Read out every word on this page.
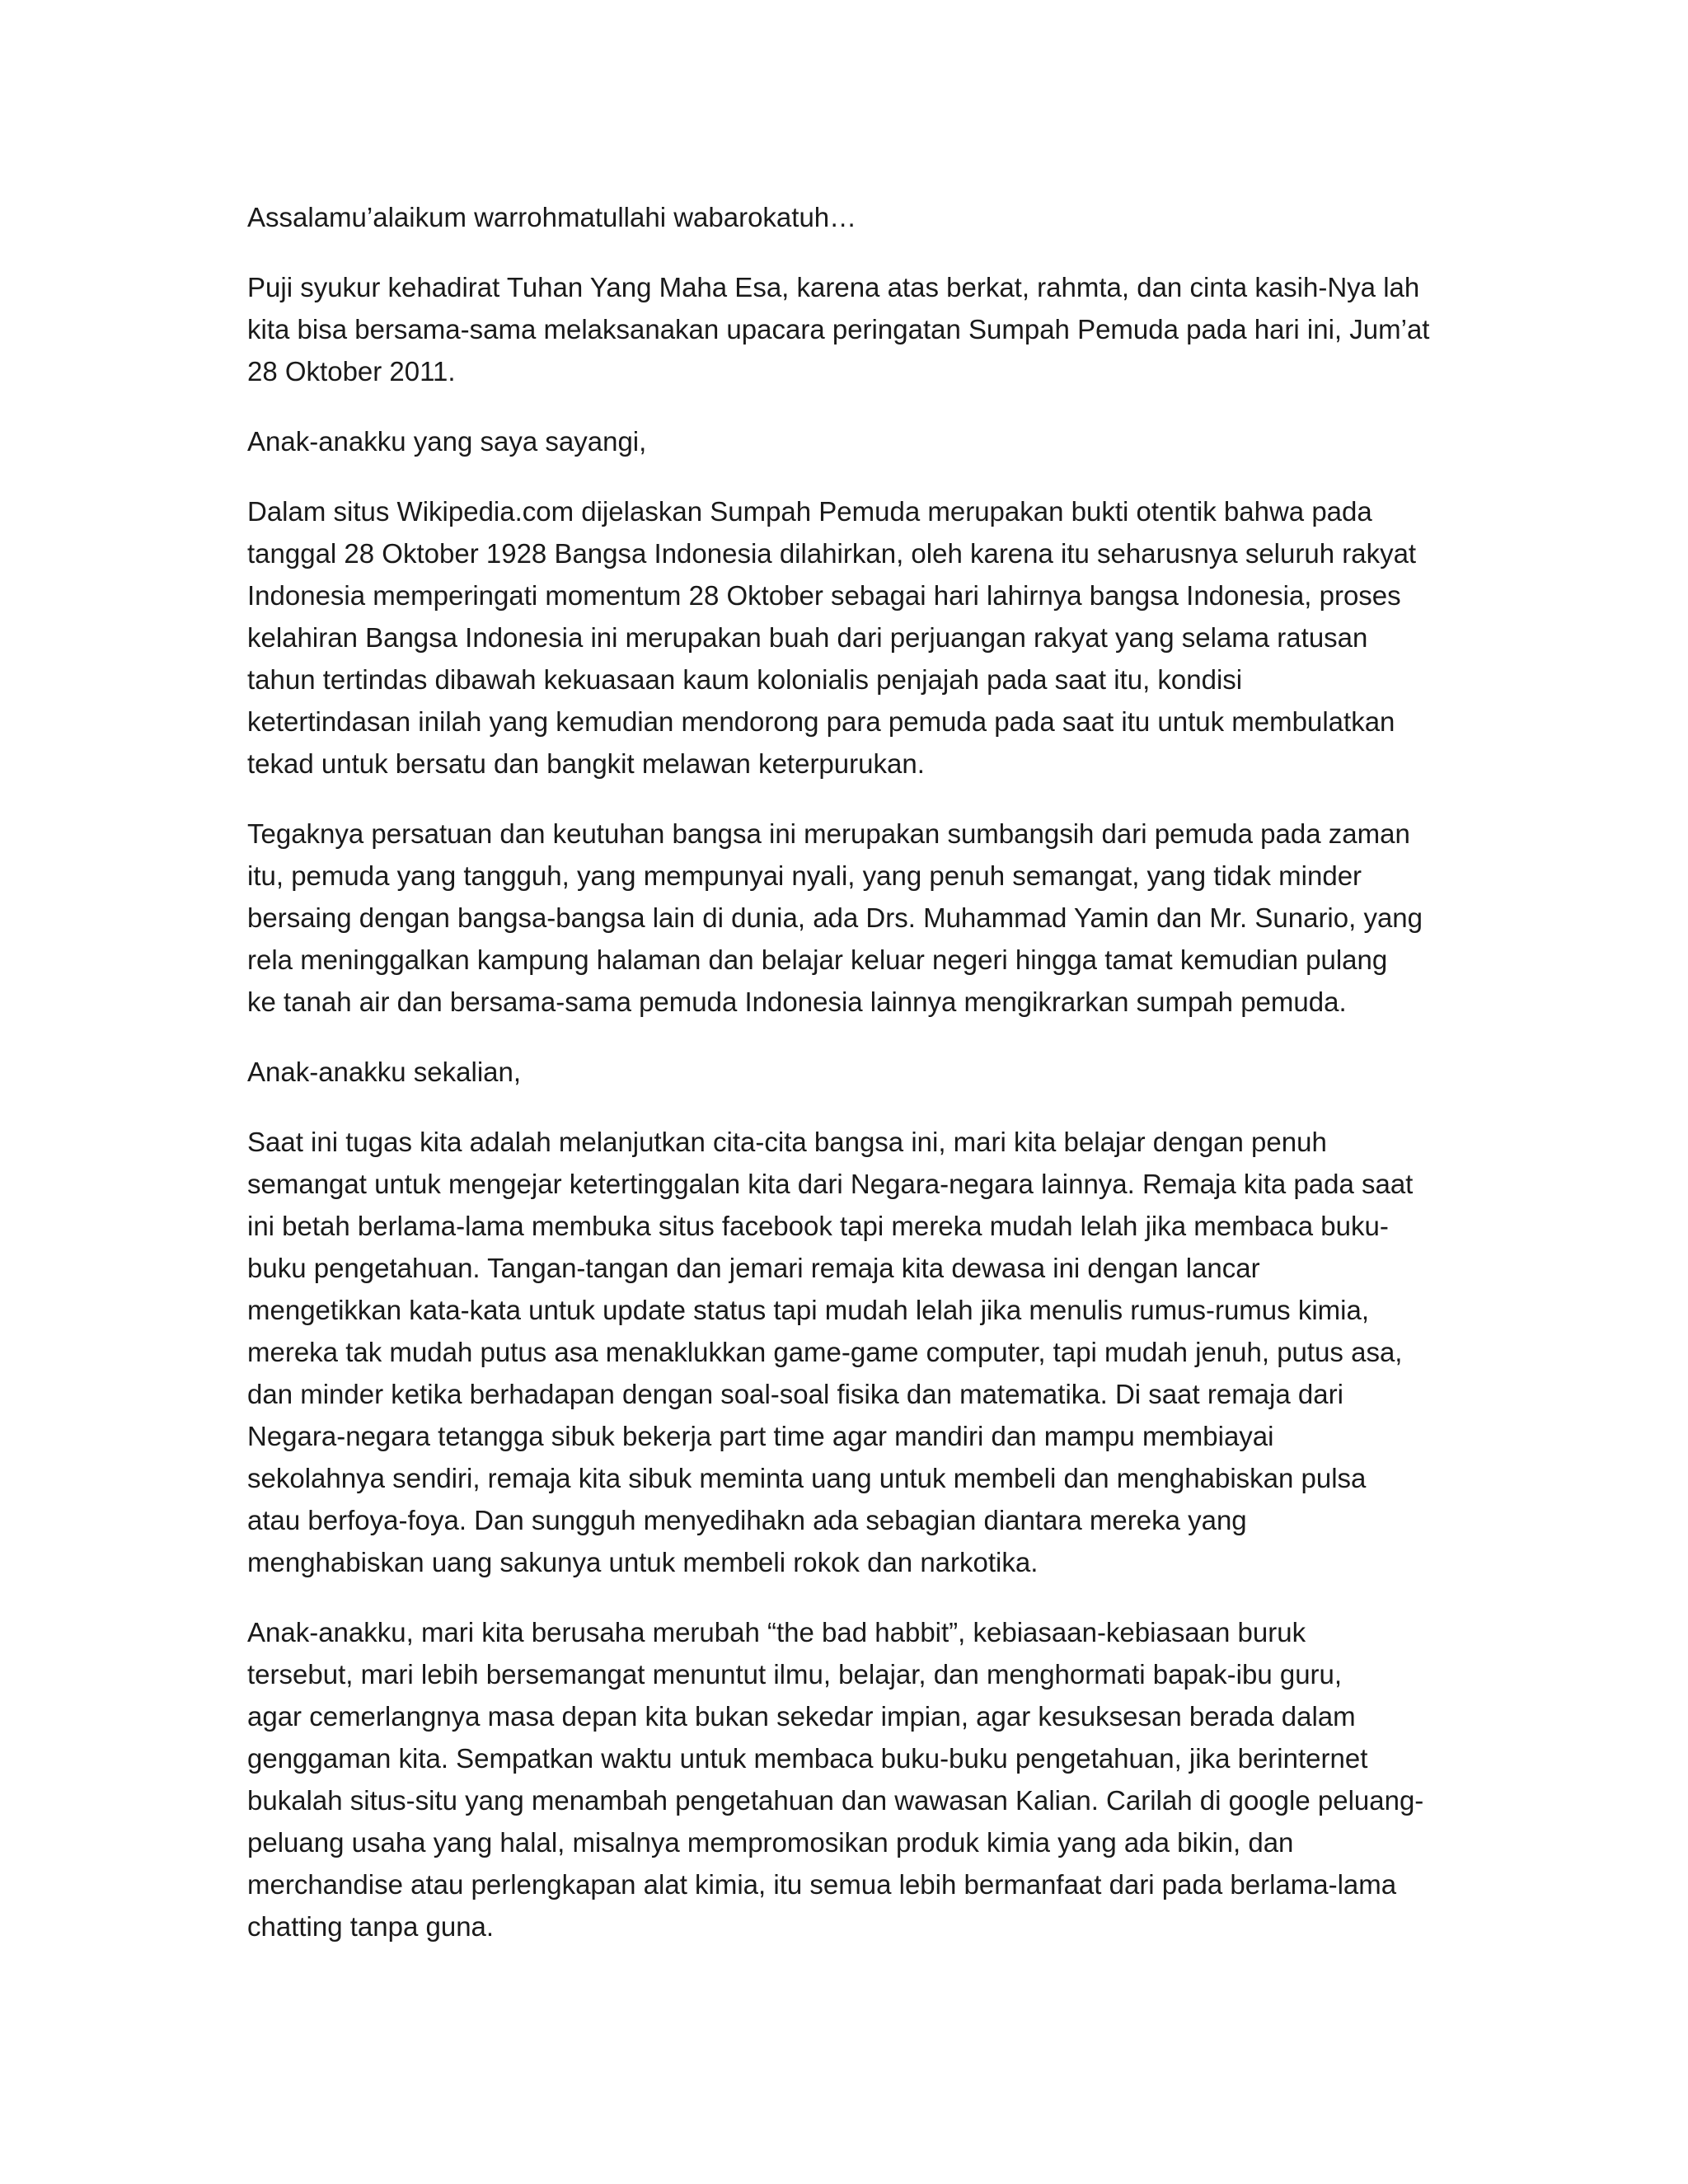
Assalamu’alaikum warrohmatullahi wabarokatuh…

Puji syukur kehadirat Tuhan Yang Maha Esa, karena atas berkat, rahmta, dan cinta kasih-Nya lah
kita bisa bersama-sama melaksanakan upacara peringatan Sumpah Pemuda pada hari ini, Jum’at
28 Oktober 2011.

Anak-anakku yang saya sayangi,

Dalam situs Wikipedia.com dijelaskan Sumpah Pemuda merupakan bukti otentik bahwa pada
tanggal 28 Oktober 1928 Bangsa Indonesia dilahirkan, oleh karena itu seharusnya seluruh rakyat
Indonesia memperingati momentum 28 Oktober sebagai hari lahirnya bangsa Indonesia, proses
kelahiran Bangsa Indonesia ini merupakan buah dari perjuangan rakyat yang selama ratusan
tahun tertindas dibawah kekuasaan kaum kolonialis penjajah pada saat itu, kondisi
ketertindasan inilah yang kemudian mendorong para pemuda pada saat itu untuk membulatkan
tekad untuk bersatu dan bangkit melawan keterpurukan.

Tegaknya persatuan dan keutuhan bangsa ini merupakan sumbangsih dari pemuda pada zaman
itu, pemuda yang tangguh, yang mempunyai nyali, yang penuh semangat, yang tidak minder
bersaing dengan bangsa-bangsa lain di dunia, ada Drs. Muhammad Yamin dan Mr. Sunario, yang
rela meninggalkan kampung halaman dan belajar keluar negeri hingga tamat kemudian pulang
ke tanah air dan bersama-sama pemuda Indonesia lainnya mengikrarkan sumpah pemuda.

Anak-anakku sekalian,

Saat ini tugas kita adalah melanjutkan cita-cita bangsa ini, mari kita belajar dengan penuh
semangat untuk mengejar ketertinggalan kita dari Negara-negara lainnya. Remaja kita pada saat
ini betah berlama-lama membuka situs facebook tapi mereka mudah lelah jika membaca buku-
buku pengetahuan. Tangan-tangan dan jemari remaja kita dewasa ini dengan lancar
mengetikkan kata-kata untuk update status tapi mudah lelah jika menulis rumus-rumus kimia,
mereka tak mudah putus asa menaklukkan game-game computer, tapi mudah jenuh, putus asa,
dan minder ketika berhadapan dengan soal-soal fisika dan matematika. Di saat remaja dari
Negara-negara tetangga sibuk bekerja part time agar mandiri dan mampu membiayai
sekolahnya sendiri, remaja kita sibuk meminta uang untuk membeli dan menghabiskan pulsa
atau berfoya-foya. Dan sungguh menyedihakn ada sebagian diantara mereka yang
menghabiskan uang sakunya untuk membeli rokok dan narkotika.

Anak-anakku, mari kita berusaha merubah “the bad habbit”, kebiasaan-kebiasaan buruk
tersebut, mari lebih bersemangat menuntut ilmu, belajar, dan menghormati bapak-ibu guru,
agar cemerlangnya masa depan kita bukan sekedar impian, agar kesuksesan berada dalam
genggaman kita. Sempatkan waktu untuk membaca buku-buku pengetahuan, jika berinternet
bukalah situs-situ yang menambah pengetahuan dan wawasan Kalian. Carilah di google peluang-
peluang usaha yang halal, misalnya mempromosikan produk kimia yang ada bikin, dan
merchandise atau perlengkapan alat kimia, itu semua lebih bermanfaat dari pada berlama-lama
chatting tanpa guna.
